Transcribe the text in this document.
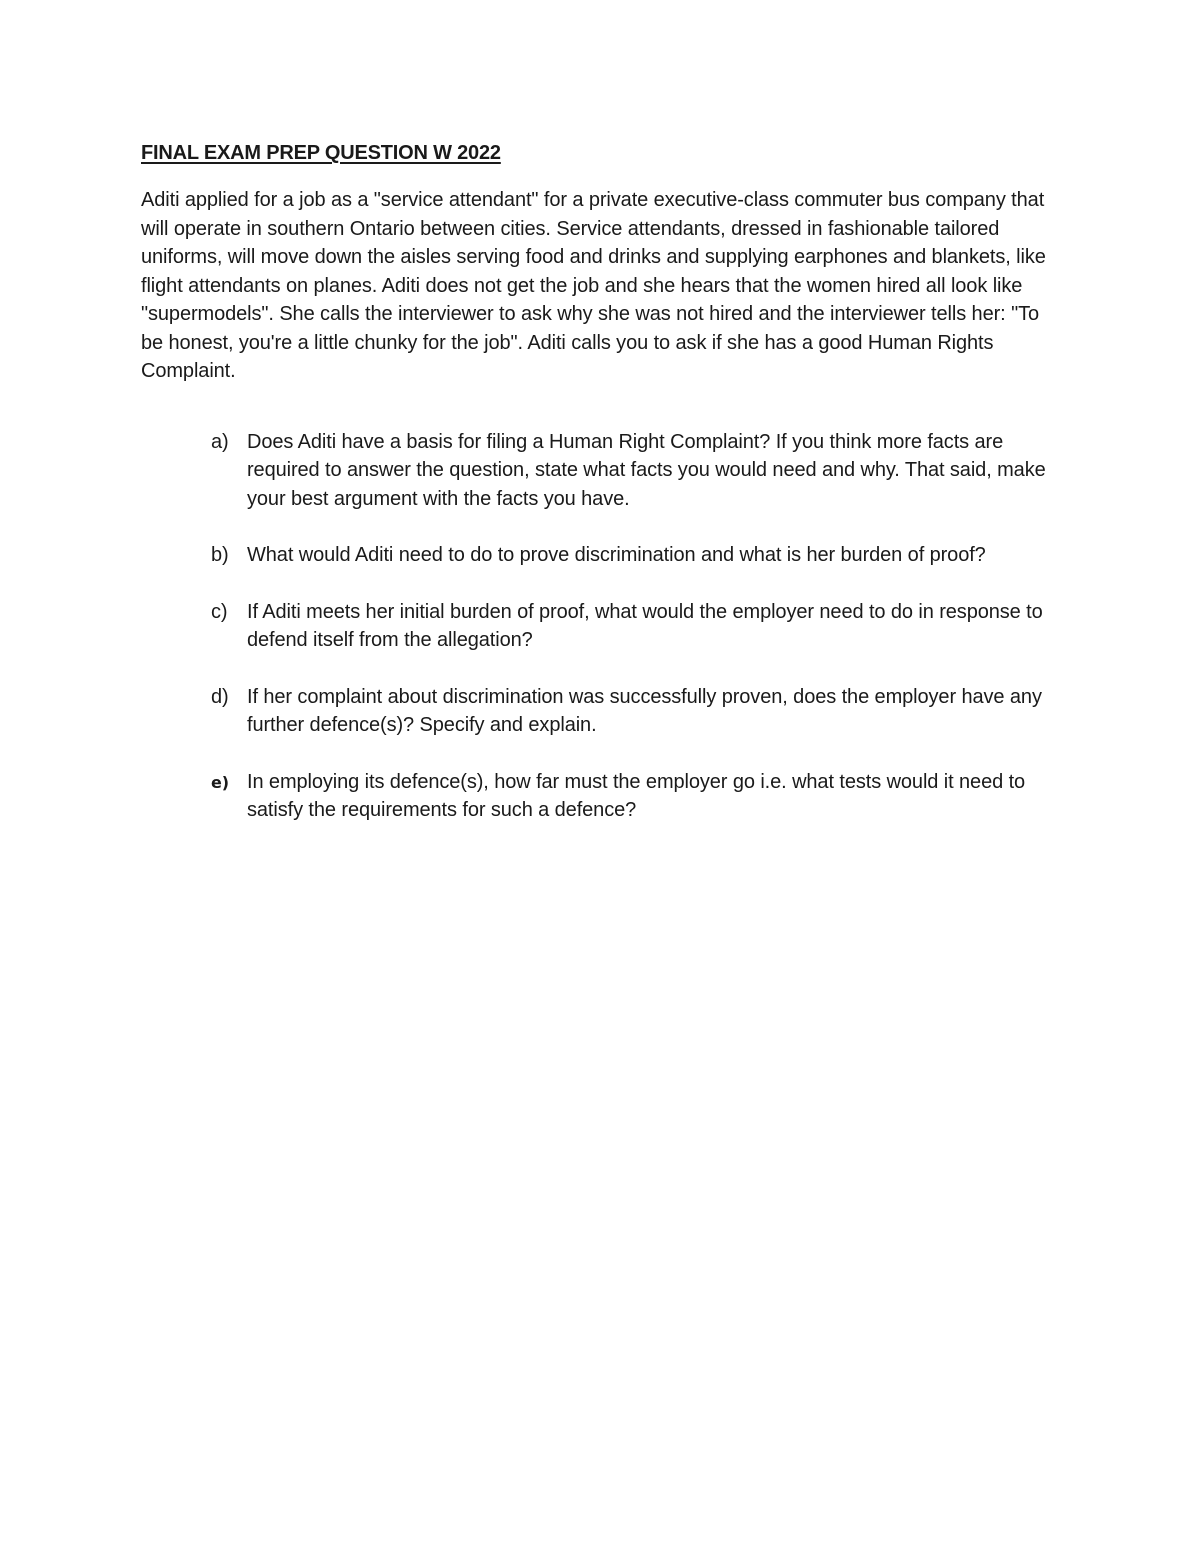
FINAL EXAM PREP QUESTION W 2022

Aditi applied for a job as a "service attendant" for a private executive-class commuter bus company that will operate in southern Ontario between cities. Service attendants, dressed in fashionable tailored uniforms, will move down the aisles serving food and drinks and supplying earphones and blankets, like flight attendants on planes. Aditi does not get the job and she hears that the women hired all look like "supermodels". She calls the interviewer to ask why she was not hired and the interviewer tells her: "To be honest, you're a little chunky for the job". Aditi calls you to ask if she has a good Human Rights Complaint.

a) Does Aditi have a basis for filing a Human Right Complaint? If you think more facts are required to answer the question, state what facts you would need and why. That said, make your best argument with the facts you have.
b) What would Aditi need to do to prove discrimination and what is her burden of proof?
c) If Aditi meets her initial burden of proof, what would the employer need to do in response to defend itself from the allegation?
d) If her complaint about discrimination was successfully proven, does the employer have any further defence(s)? Specify and explain.
e) In employing its defence(s), how far must the employer go i.e. what tests would it need to satisfy the requirements for such a defence?
